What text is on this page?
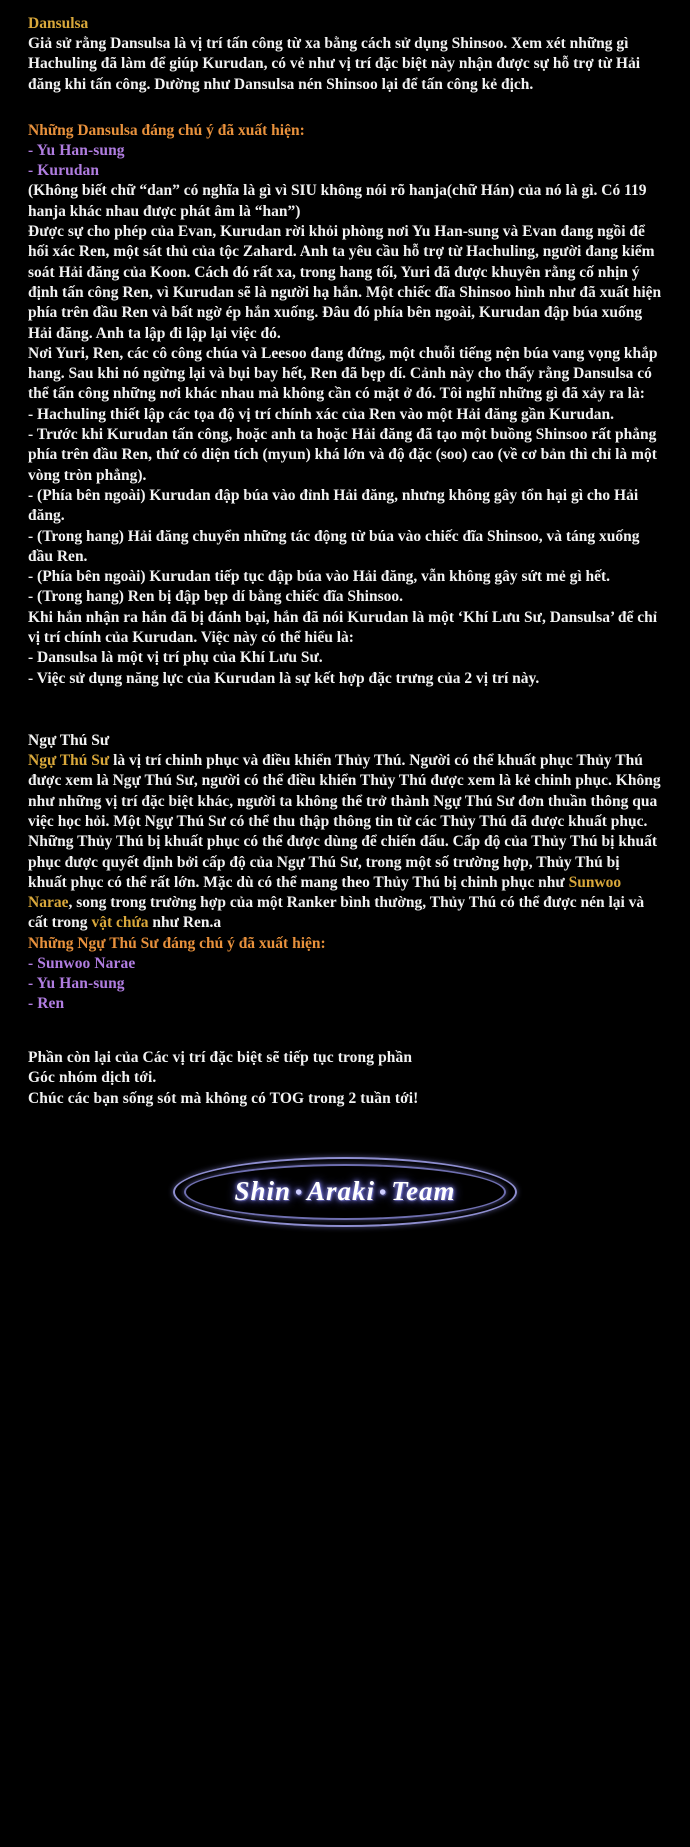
Dansulsa

Giả sử rằng Dansulsa là vị trí tấn công từ xa bằng cách sử dụng Shinsoo. Xem xét những gì Hachuling đã làm để giúp Kurudan, có vẻ như vị trí đặc biệt này nhận được sự hỗ trợ từ Hải đăng khi tấn công. Dường như Dansulsa nén Shinsoo lại để tấn công kẻ địch.

Những Dansulsa đáng chú ý đã xuất hiện:

- Yu Han-sung

- Kurudan

(Không biết chữ “dan” có nghĩa là gì vì SIU không nói rõ hanja(chữ Hán) của nó là gì. Có 119 hanja khác nhau được phát âm là “han”)

Được sự cho phép của Evan, Kurudan rời khỏi phòng nơi Yu Han-sung và Evan đang ngồi để hối xác Ren, một sát thủ của tộc Zahard. Anh ta yêu cầu hỗ trợ từ Hachuling, người đang kiểm soát Hải đăng của Koon. Cách đó rất xa, trong hang tối, Yuri đã được khuyên rằng cố nhịn ý định tấn công Ren, vì Kurudan sẽ là người hạ hắn. Một chiếc đĩa Shinsoo hình như đã xuất hiện phía trên đầu Ren và bất ngờ ép hắn xuống. Đâu đó phía bên ngoài, Kurudan đập búa xuống Hải đăng. Anh ta lập đi lập lại việc đó.

Nơi Yuri, Ren, các cô công chúa và Leesoo đang đứng, một chuỗi tiếng nện búa vang vọng khắp hang. Sau khi nó ngừng lại và bụi bay hết, Ren đã bẹp dí. Cảnh này cho thấy rằng Dansulsa có thể tấn công những nơi khác nhau mà không cần có mặt ở đó. Tôi nghĩ những gì đã xảy ra là:

- Hachuling thiết lập các tọa độ vị trí chính xác của Ren vào một Hải đăng gần Kurudan.

- Trước khi Kurudan tấn công, hoặc anh ta hoặc Hải đăng đã tạo một buồng Shinsoo rất phẳng phía trên đầu Ren, thứ có diện tích (myun) khá lớn và độ đặc (soo) cao (về cơ bản thì chỉ là một vòng tròn phẳng).

- (Phía bên ngoài) Kurudan đập búa vào đỉnh Hải đăng, nhưng không gây tổn hại gì cho Hải đăng.

- (Trong hang) Hải đăng chuyển những tác động từ búa vào chiếc đĩa Shinsoo, và táng xuống đầu Ren.

- (Phía bên ngoài) Kurudan tiếp tục đập búa vào Hải đăng, vẫn không gây sứt mẻ gì hết.

- (Trong hang) Ren bị đập bẹp dí bằng chiếc đĩa Shinsoo.

Khi hắn nhận ra hắn đã bị đánh bại, hắn đã nói Kurudan là một ‘Khí Lưu Sư, Dansulsa’ để chỉ vị trí chính của Kurudan. Việc này có thể hiểu là:

- Dansulsa là một vị trí phụ của Khí Lưu Sư.

- Việc sử dụng năng lực của Kurudan là sự kết hợp đặc trưng của 2 vị trí này.

Ngự Thú Sư

Ngự Thú Sư là vị trí chinh phục và điều khiển Thủy Thú. Người có thể khuất phục Thủy Thú được xem là Ngự Thú Sư, người có thể điều khiển Thủy Thú được xem là kẻ chinh phục. Không như những vị trí đặc biệt khác, người ta không thể trở thành Ngự Thú Sư đơn thuần thông qua việc học hỏi. Một Ngự Thú Sư có thể thu thập thông tin từ các Thủy Thú đã được khuất phục. Những Thủy Thú bị khuất phục có thể được dùng để chiến đấu. Cấp độ của Thủy Thú bị khuất phục được quyết định bởi cấp độ của Ngự Thú Sư, trong một số trường hợp, Thủy Thú bị khuất phục có thể rất lớn. Mặc dù có thể mang theo Thủy Thú bị chinh phục như Sunwoo Narae, song trong trường hợp của một Ranker bình thường, Thủy Thú có thể được nén lại và cất trong vật chứa như Ren.a

Những Ngự Thú Sư đáng chú ý đã xuất hiện:

- Sunwoo Narae

- Yu Han-sung

- Ren

Phần còn lại của Các vị trí đặc biệt sẽ tiếp tục trong phần

Góc nhóm dịch tới.

Chúc các bạn sống sót mà không có TOG trong 2 tuần tới!

Shin • Araki • Team
